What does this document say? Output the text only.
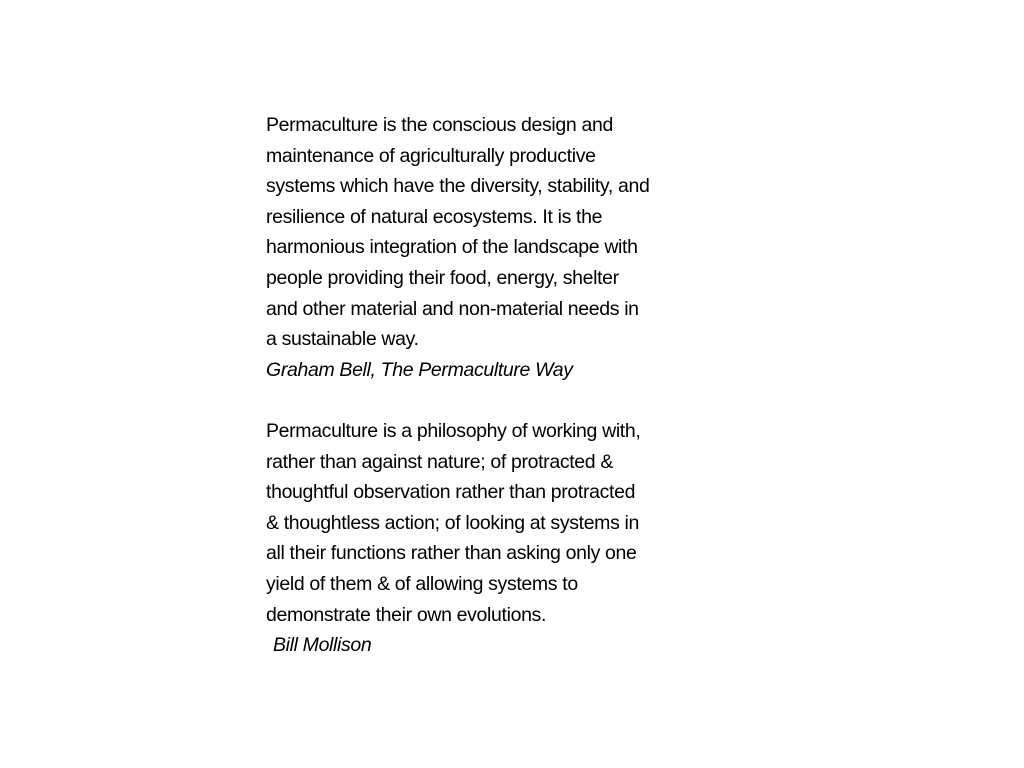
Permaculture is the conscious design and
maintenance of agriculturally productive
systems which have the diversity, stability, and
resilience of natural ecosystems. It is the
harmonious integration of the landscape with
people providing their food, energy, shelter
and other material and non-material needs in
a sustainable way.
Graham Bell, The Permaculture Way
Permaculture is a philosophy of working with,
rather than against nature; of protracted &
thoughtful observation rather than protracted
& thoughtless action; of looking at systems in
all their functions rather than asking only one
yield of them & of allowing systems to
demonstrate their own evolutions.
Bill Mollison
